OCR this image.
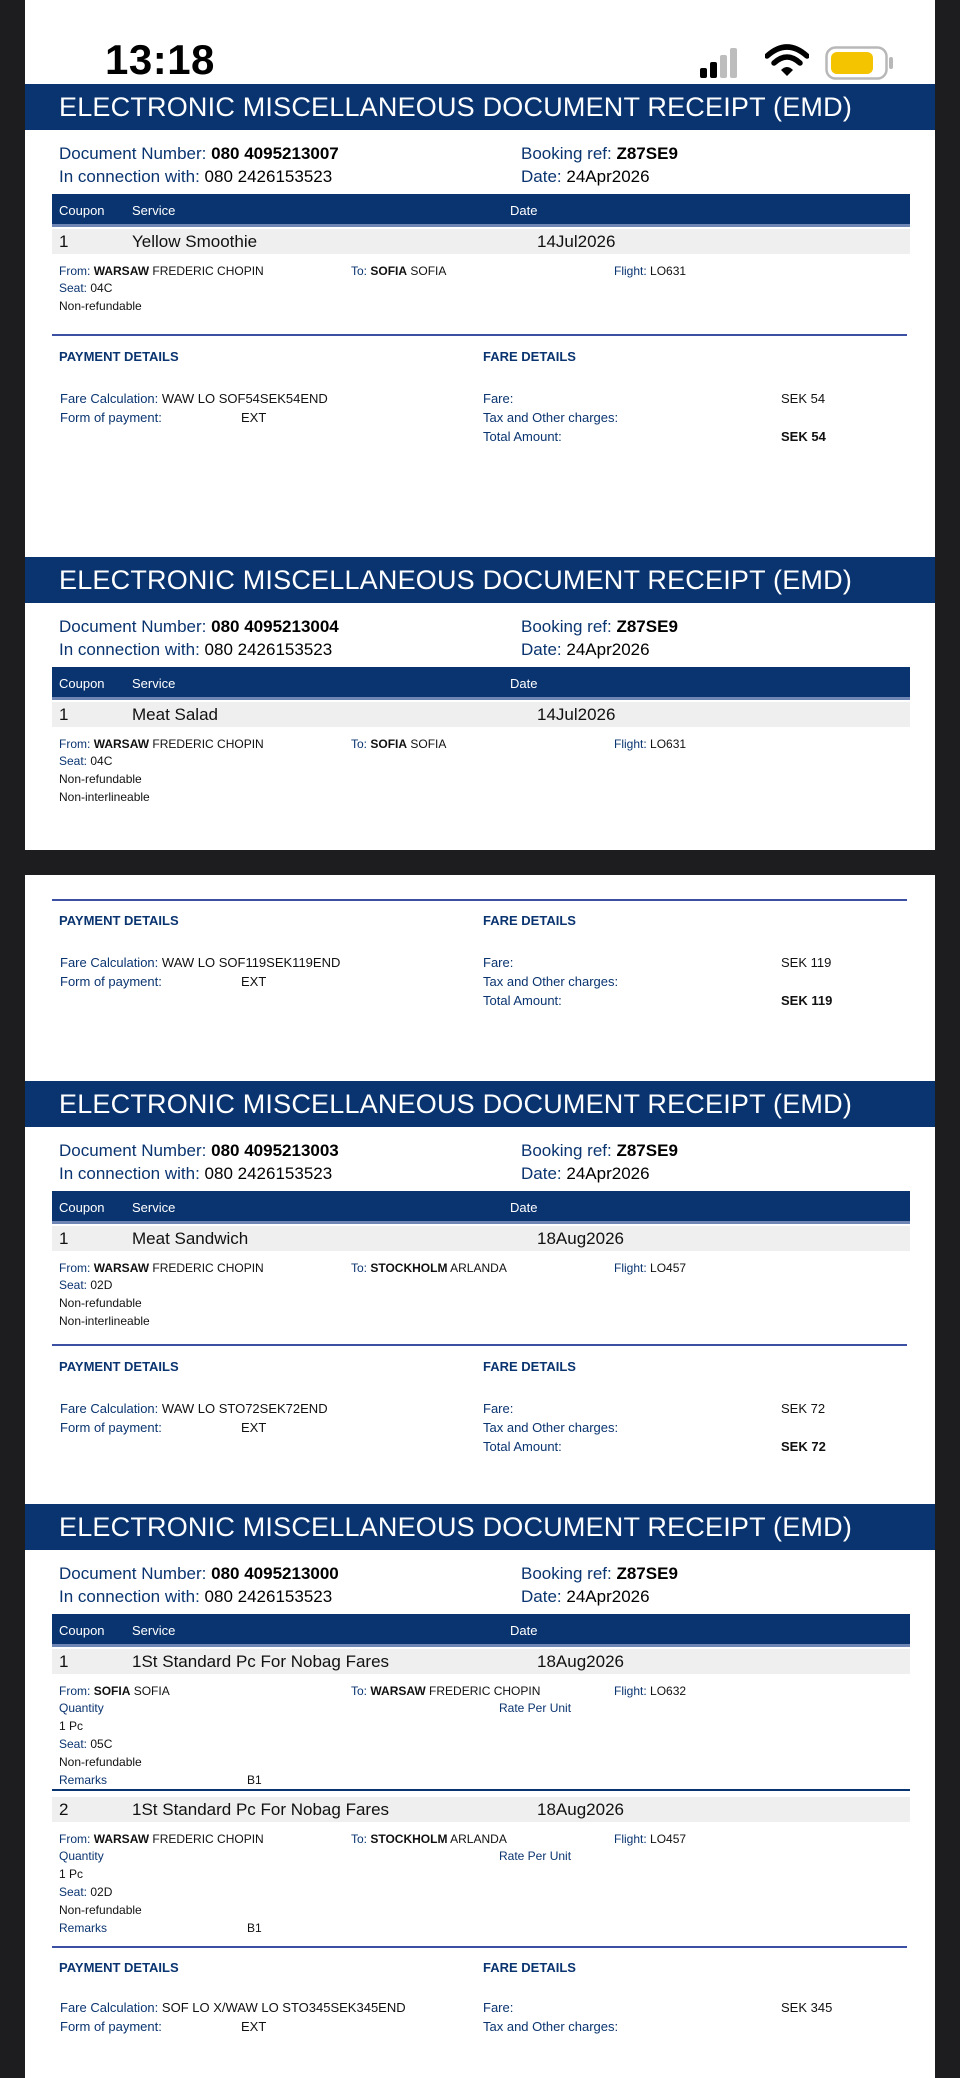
13:18
ELECTRONIC MISCELLANEOUS DOCUMENT RECEIPT (EMD)
Document Number: 080 4095213007
In connection with: 080 2426153523
Booking ref: Z87SE9
Date: 24Apr2026
Coupon Service	Date
1	Yellow Smoothie	14Jul2026
From: WARSAW FREDERIC CHOPIN	To: SOFIA SOFIA	Flight: LO631
Seat: 04C
Non-refundable
PAYMENT DETAILS	FARE DETAILS
Fare Calculation: WAW LO SOF54SEK54END
Form of payment:	EXT
Fare:	SEK 54
Tax and Other charges:
Total Amount:	SEK 54
ELECTRONIC MISCELLANEOUS DOCUMENT RECEIPT (EMD)
Document Number: 080 4095213004
In connection with: 080 2426153523
Booking ref: Z87SE9
Date: 24Apr2026
Coupon Service	Date
1	Meat Salad	14Jul2026
From: WARSAW FREDERIC CHOPIN	To: SOFIA SOFIA	Flight: LO631
Seat: 04C
Non-refundable
Non-interlineable
PAYMENT DETAILS	FARE DETAILS
Fare Calculation: WAW LO SOF119SEK119END
Form of payment:	EXT
Fare:	SEK 119
Tax and Other charges:
Total Amount:	SEK 119
ELECTRONIC MISCELLANEOUS DOCUMENT RECEIPT (EMD)
Document Number: 080 4095213003
In connection with: 080 2426153523
Booking ref: Z87SE9
Date: 24Apr2026
Coupon Service	Date
1	Meat Sandwich	18Aug2026
From: WARSAW FREDERIC CHOPIN	To: STOCKHOLM ARLANDA	Flight: LO457
Seat: 02D
Non-refundable
Non-interlineable
PAYMENT DETAILS	FARE DETAILS
Fare Calculation: WAW LO STO72SEK72END
Form of payment:	EXT
Fare:	SEK 72
Tax and Other charges:
Total Amount:	SEK 72
ELECTRONIC MISCELLANEOUS DOCUMENT RECEIPT (EMD)
Document Number: 080 4095213000
In connection with: 080 2426153523
Booking ref: Z87SE9
Date: 24Apr2026
Coupon Service	Date
1	1St Standard Pc For Nobag Fares	18Aug2026
From: SOFIA SOFIA	To: WARSAW FREDERIC CHOPIN	Flight: LO632
Quantity	Rate Per Unit
1 Pc
Seat: 05C
Non-refundable
Remarks	B1
2	1St Standard Pc For Nobag Fares	18Aug2026
From: WARSAW FREDERIC CHOPIN	To: STOCKHOLM ARLANDA	Flight: LO457
Quantity	Rate Per Unit
1 Pc
Seat: 02D
Non-refundable
Remarks	B1
PAYMENT DETAILS	FARE DETAILS
Fare Calculation: SOF LO X/WAW LO STO345SEK345END
Form of payment:	EXT
Fare:	SEK 345
Tax and Other charges:
